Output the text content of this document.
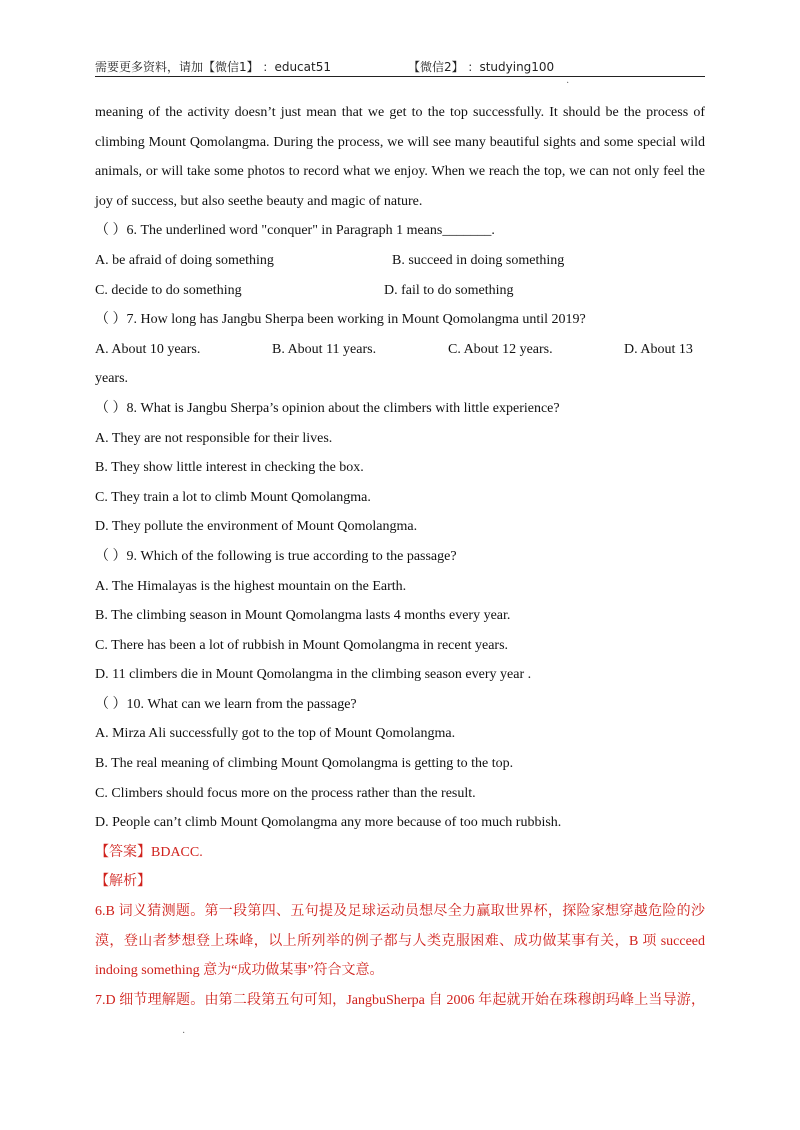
需要更多资料，请加【微信1】 ：educat51	【微信2】 ：studying100
·
meaning of the activity doesn’t just mean that we get to the top successfully. It should be the process of
climbing Mount Qomolangma. During the process, we will see many beautiful sights and some special wild
animals, or will take some photos to record what we enjoy. When we reach the top, we can not only feel the
joy of success, but also seethe beauty and magic of nature.
（ ）6. The underlined word "conquer" in Paragraph 1 means_______.
A. be afraid of doing something	B. succeed in doing something
C. decide to do something	D. fail to do something
（ ）7. How long has Jangbu Sherpa been working in Mount Qomolangma until 2019?
A. About 10 years.	B. About 11 years.	C. About 12 years.	D. About 13
years.
（ ）8. What is Jangbu Sherpa’s opinion about the climbers with little experience?
A. They are not responsible for their lives.
B. They show little interest in checking the box.
C. They train a lot to climb Mount Qomolangma.
D. They pollute the environment of Mount Qomolangma.
（ ）9. Which of the following is true according to the passage?
A. The Himalayas is the highest mountain on the Earth.
B. The climbing season in Mount Qomolangma lasts 4 months every year.
C. There has been a lot of rubbish in Mount Qomolangma in recent years.
D. 11 climbers die in Mount Qomolangma in the climbing season every year .
（ ）10. What can we learn from the passage?
A. Mirza Ali successfully got to the top of Mount Qomolangma.
B. The real meaning of climbing Mount Qomolangma is getting to the top.
C. Climbers should focus more on the process rather than the result.
D. People can’t climb Mount Qomolangma any more because of too much rubbish.
【答案】BDACC.
【解析】
6.B 词义猜测题。第一段第四、五句提及足球运动员想尽全力赢取世界杯，探险家想穿越危险的沙
漠，登山者梦想登上珠峰，以上所列举的例子都与人类克服困难、成功做某事有关，B 项 succeed
indoing something 意为“成功做某事”符合文意。
7.D 细节理解题。由第二段第五句可知，JangbuSherpa 自 2006 年起就开始在珠穆朗玛峰上当导游，
·
